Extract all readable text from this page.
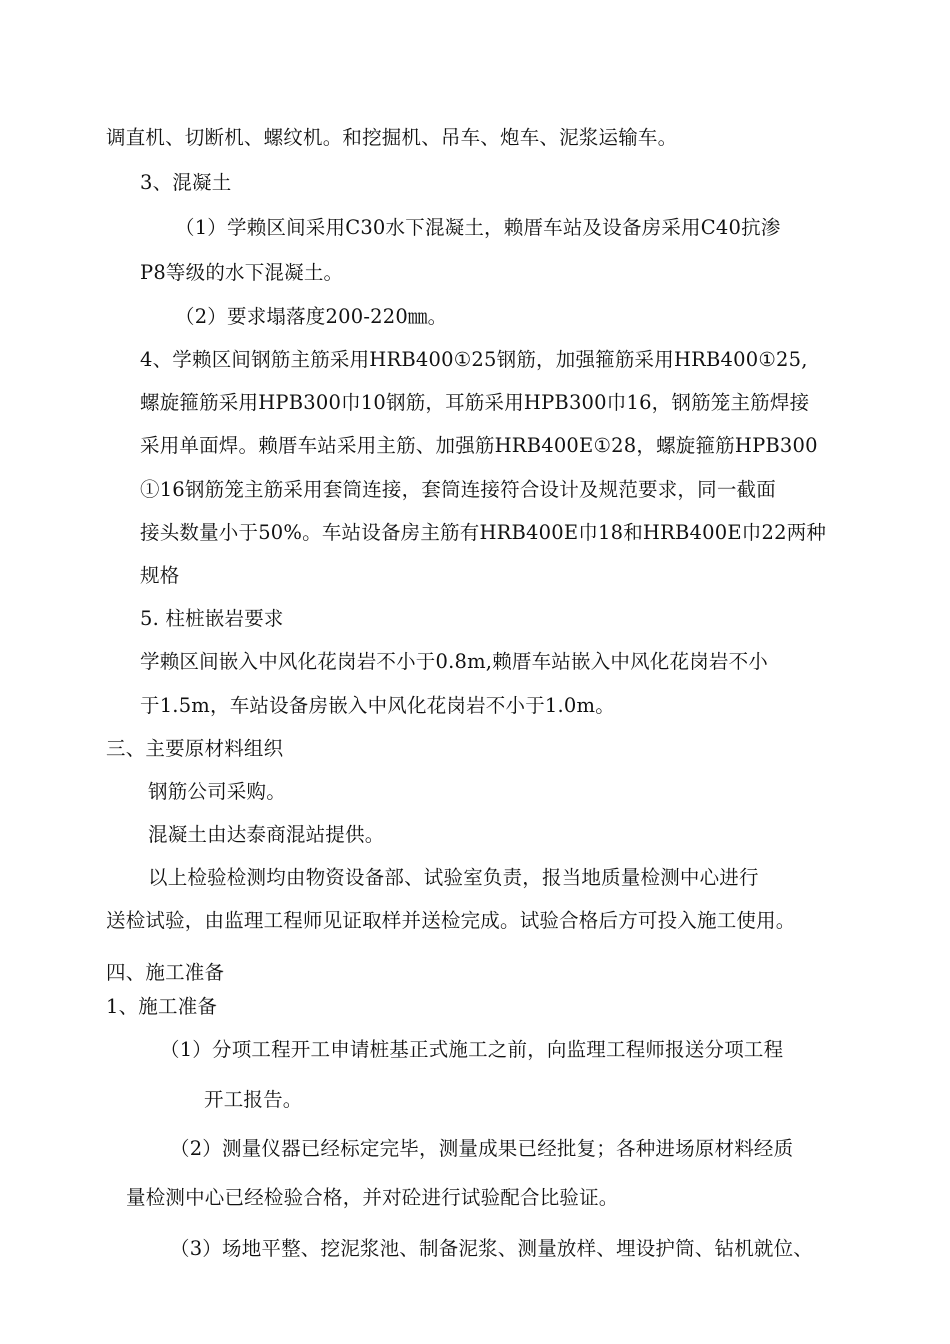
调直机、切断机、螺纹机。和挖掘机、吊车、炮车、泥浆运输车。
3、混凝土
（1）学赖区间采用C30水下混凝土，赖厝车站及设备房采用C40抗渗
P8等级的水下混凝土。
（2）要求塌落度200-220㎜。
4、学赖区间钢筋主筋采用HRB400①25钢筋，加强箍筋采用HRB400①25,
螺旋箍筋采用HPB300巾10钢筋，耳筋采用HPB300巾16，钢筋笼主筋焊接
采用单面焊。赖厝车站采用主筋、加强筋HRB400E①28，螺旋箍筋HPB300
①16钢筋笼主筋采用套筒连接，套筒连接符合设计及规范要求，同一截面
接头数量小于50%。车站设备房主筋有HRB400E巾18和HRB400E巾22两种
规格
5. 柱桩嵌岩要求
学赖区间嵌入中风化花岗岩不小于0.8m,赖厝车站嵌入中风化花岗岩不小
于1.5m，车站设备房嵌入中风化花岗岩不小于1.0m。
三、主要原材料组织
钢筋公司采购。
混凝土由达泰商混站提供。
以上检验检测均由物资设备部、试验室负责，报当地质量检测中心进行
送检试验，由监理工程师见证取样并送检完成。试验合格后方可投入施工使用。
四、施工准备
1、施工准备
（1）分项工程开工申请桩基正式施工之前，向监理工程师报送分项工程
开工报告。
（2）测量仪器已经标定完毕，测量成果已经批复；各种进场原材料经质
量检测中心已经检验合格，并对砼进行试验配合比验证。
（3）场地平整、挖泥浆池、制备泥浆、测量放样、埋设护筒、钻机就位、
